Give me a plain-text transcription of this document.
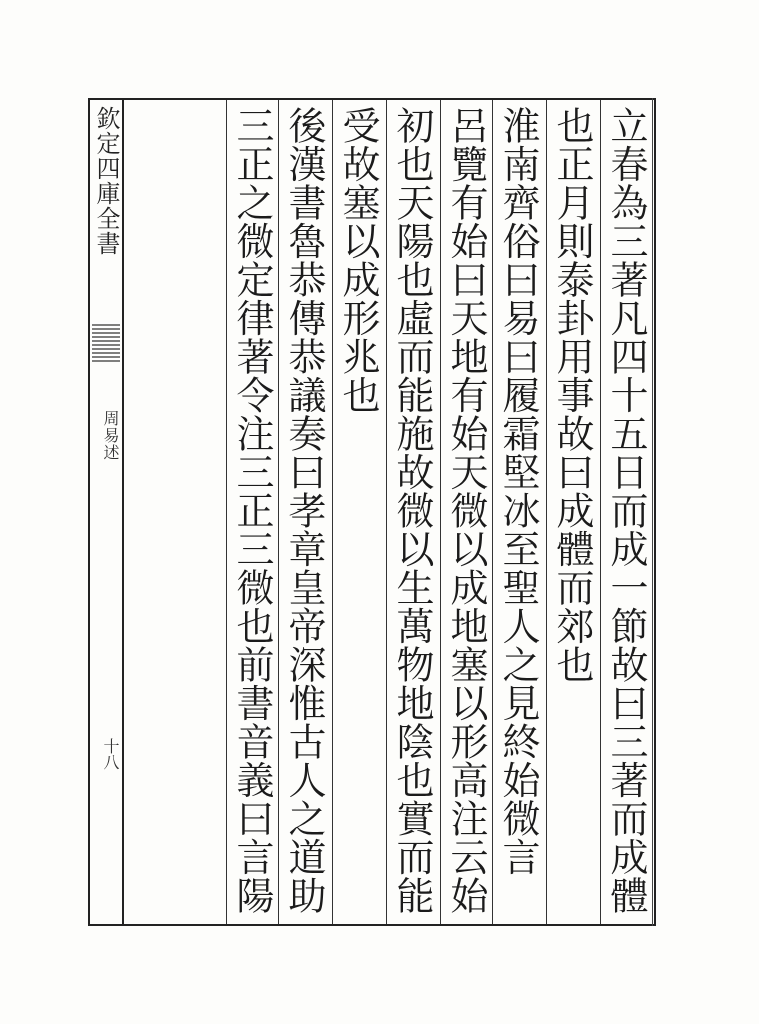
欽定四庫全書
周易述
十八	立春為三著凡四十五日而成一節故曰三著而成體
也正月則泰卦用事故曰成體而郊也
淮南齊俗曰易曰履霜堅冰至聖人之見終始微言
呂覽有始曰天地有始天微以成地塞以形高注云始
初也天陽也虛而能施故微以生萬物地陰也實而能
受故塞以成形兆也
後漢書魯恭傳恭議奏曰孝章皇帝深惟古人之道助
三正之微定律著令注三正三微也前書音義曰言陽
